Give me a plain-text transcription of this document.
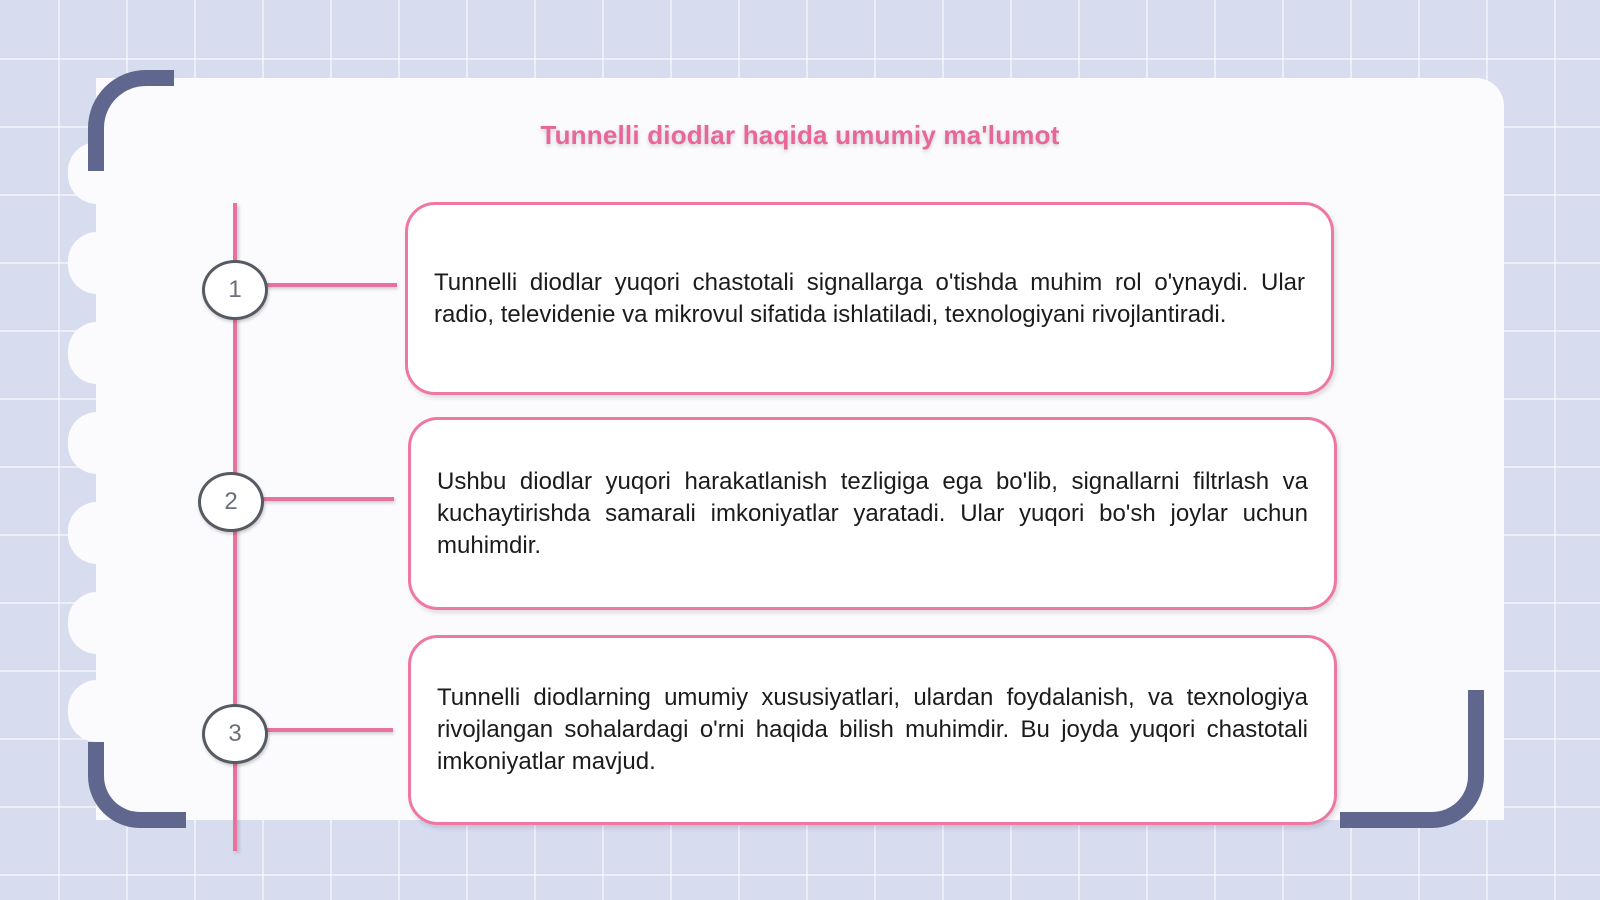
Tunnelli diodlar haqida umumiy ma'lumot
1
2
3

Tunnelli diodlar yuqori chastotali signallarga o'tishda muhim rol o'ynaydi. Ular radio, televidenie va mikrovul sifatida ishlatiladi, texnologiyani rivojlantiradi.

Ushbu diodlar yuqori harakatlanish tezligiga ega bo'lib, signallarni filtrlash va kuchaytirishda samarali imkoniyatlar yaratadi. Ular yuqori bo'sh joylar uchun muhimdir.

Tunnelli diodlarning umumiy xususiyatlari, ulardan foydalanish, va texnologiya rivojlangan sohalardagi o'rni haqida bilish muhimdir. Bu joyda yuqori chastotali imkoniyatlar mavjud.
